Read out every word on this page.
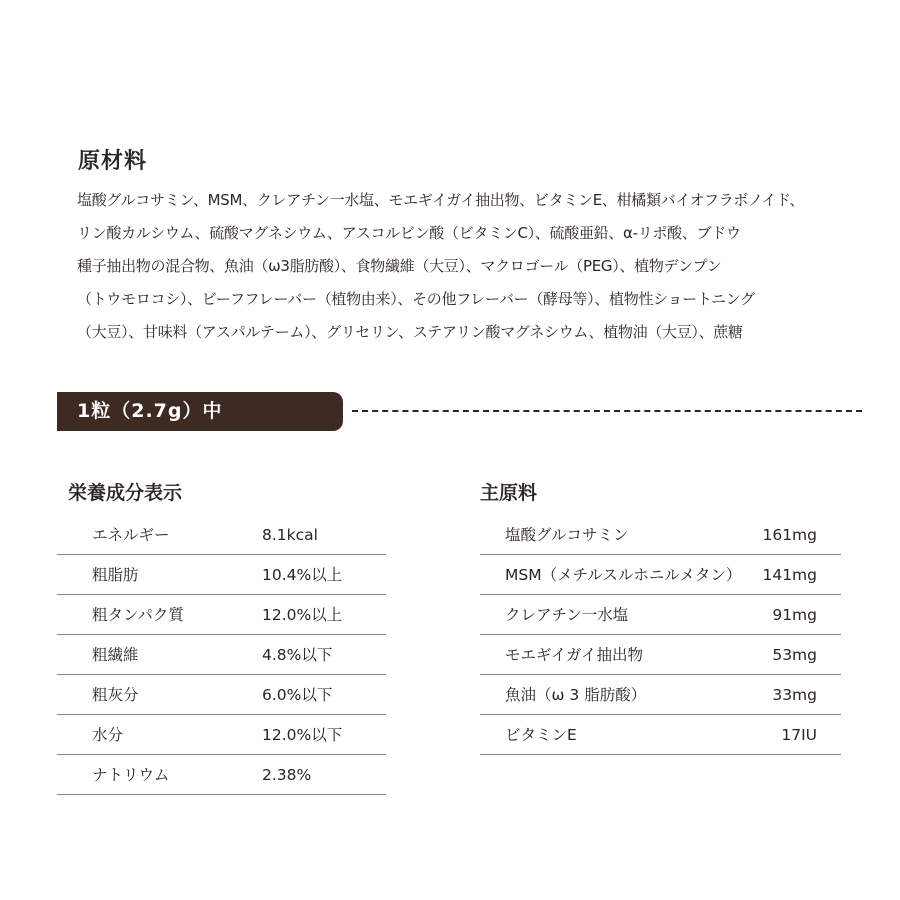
原材料

塩酸グルコサミン、MSM、クレアチン一水塩、モエギイガイ抽出物、ビタミンE、柑橘類バイオフラボノイド、
リン酸カルシウム、硫酸マグネシウム、アスコルビン酸（ビタミンC）、硫酸亜鉛、α-リポ酸、ブドウ
種子抽出物の混合物、魚油（ω3脂肪酸）、食物繊維（大豆）、マクロゴール（PEG）、植物デンプン
（トウモロコシ）、ビーフフレーバー（植物由来）、その他フレーバー（酵母等）、植物性ショートニング
（大豆）、甘味料（アスパルテーム）、グリセリン、ステアリン酸マグネシウム、植物油（大豆）、蔗糖

1粒（2.7g）中
栄養成分表示
エネルギー	8.1kcal
粗脂肪	10.4%以上
粗タンパク質	12.0%以上
粗繊維	4.8%以下
粗灰分	6.0%以下
水分	12.0%以下
ナトリウム	2.38%
主原料
塩酸グルコサミン	161mg
MSM（メチルスルホニルメタン） 141mg
クレアチン一水塩	91mg
モエギイガイ抽出物	53mg
魚油（ω 3 脂肪酸）	33mg
ビタミンE	17IU
